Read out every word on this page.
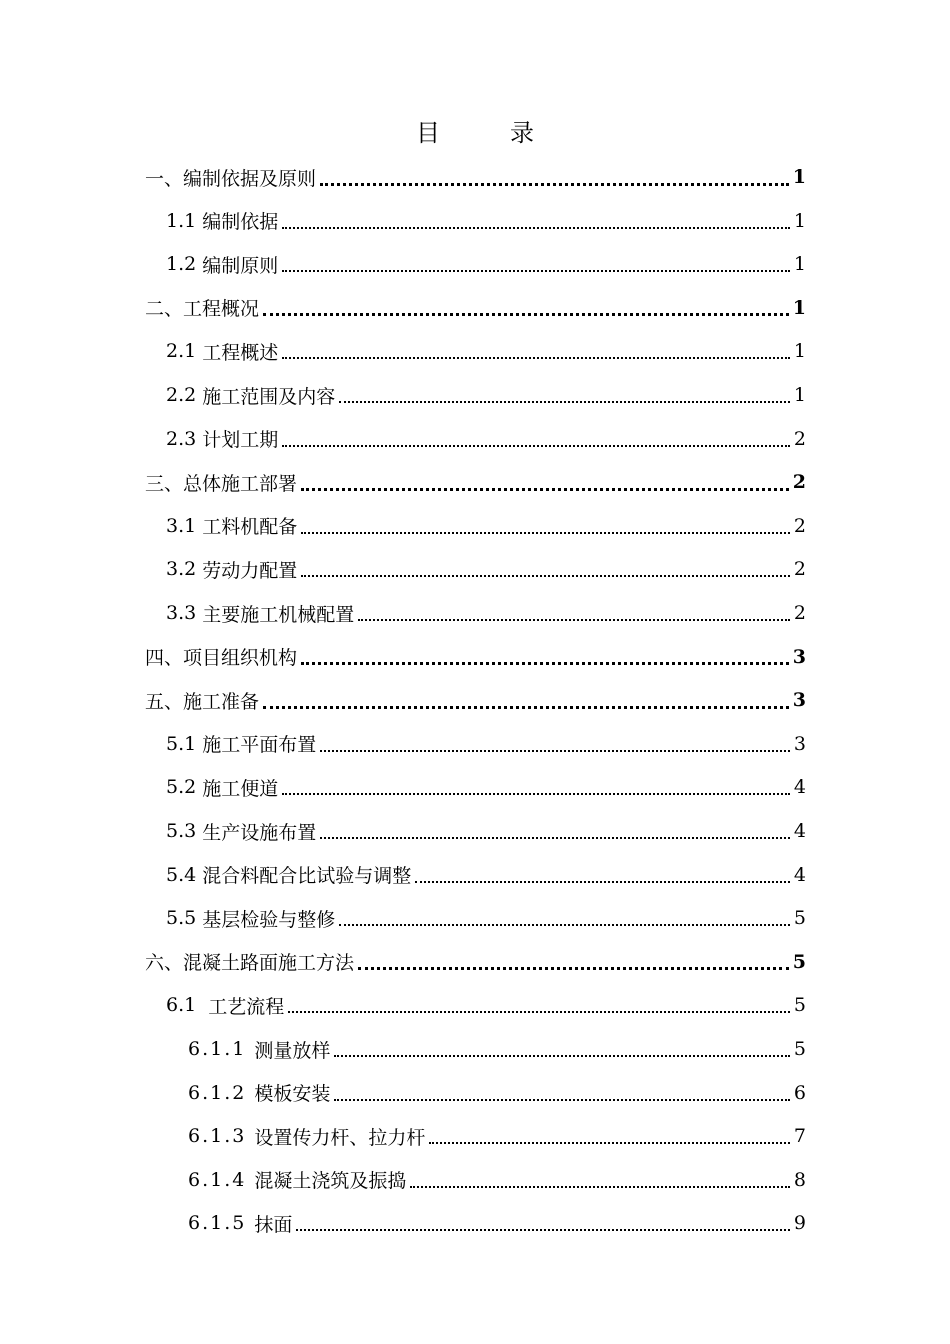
目录
一、 编制依据及原则	1
1.1 编制依据	1
1.2 编制原则	1
二、 工程概况	1
2.1 工程概述	1
2.2 施工范围及内容	1
2.3 计划工期	2
三、 总体施工部署	2
3.1 工料机配备	2
3.2 劳动力配置	2
3.3 主要施工机械配置	2
四、 项目组织机构	3
五、 施工准备	3
5.1 施工平面布置	3
5.2 施工便道	4
5.3 生产设施布置	4
5.4 混合料配合比试验与调整	4
5.5 基层检验与整修	5
六、 混凝土路面施工方法	5
6.1 工艺流程	5
6.1.1 测量放样	5
6.1.2 模板安装	6
6.1.3 设置传力杆、拉力杆	7
6.1.4 混凝土浇筑及振捣	8
6.1.5 抹面	9
